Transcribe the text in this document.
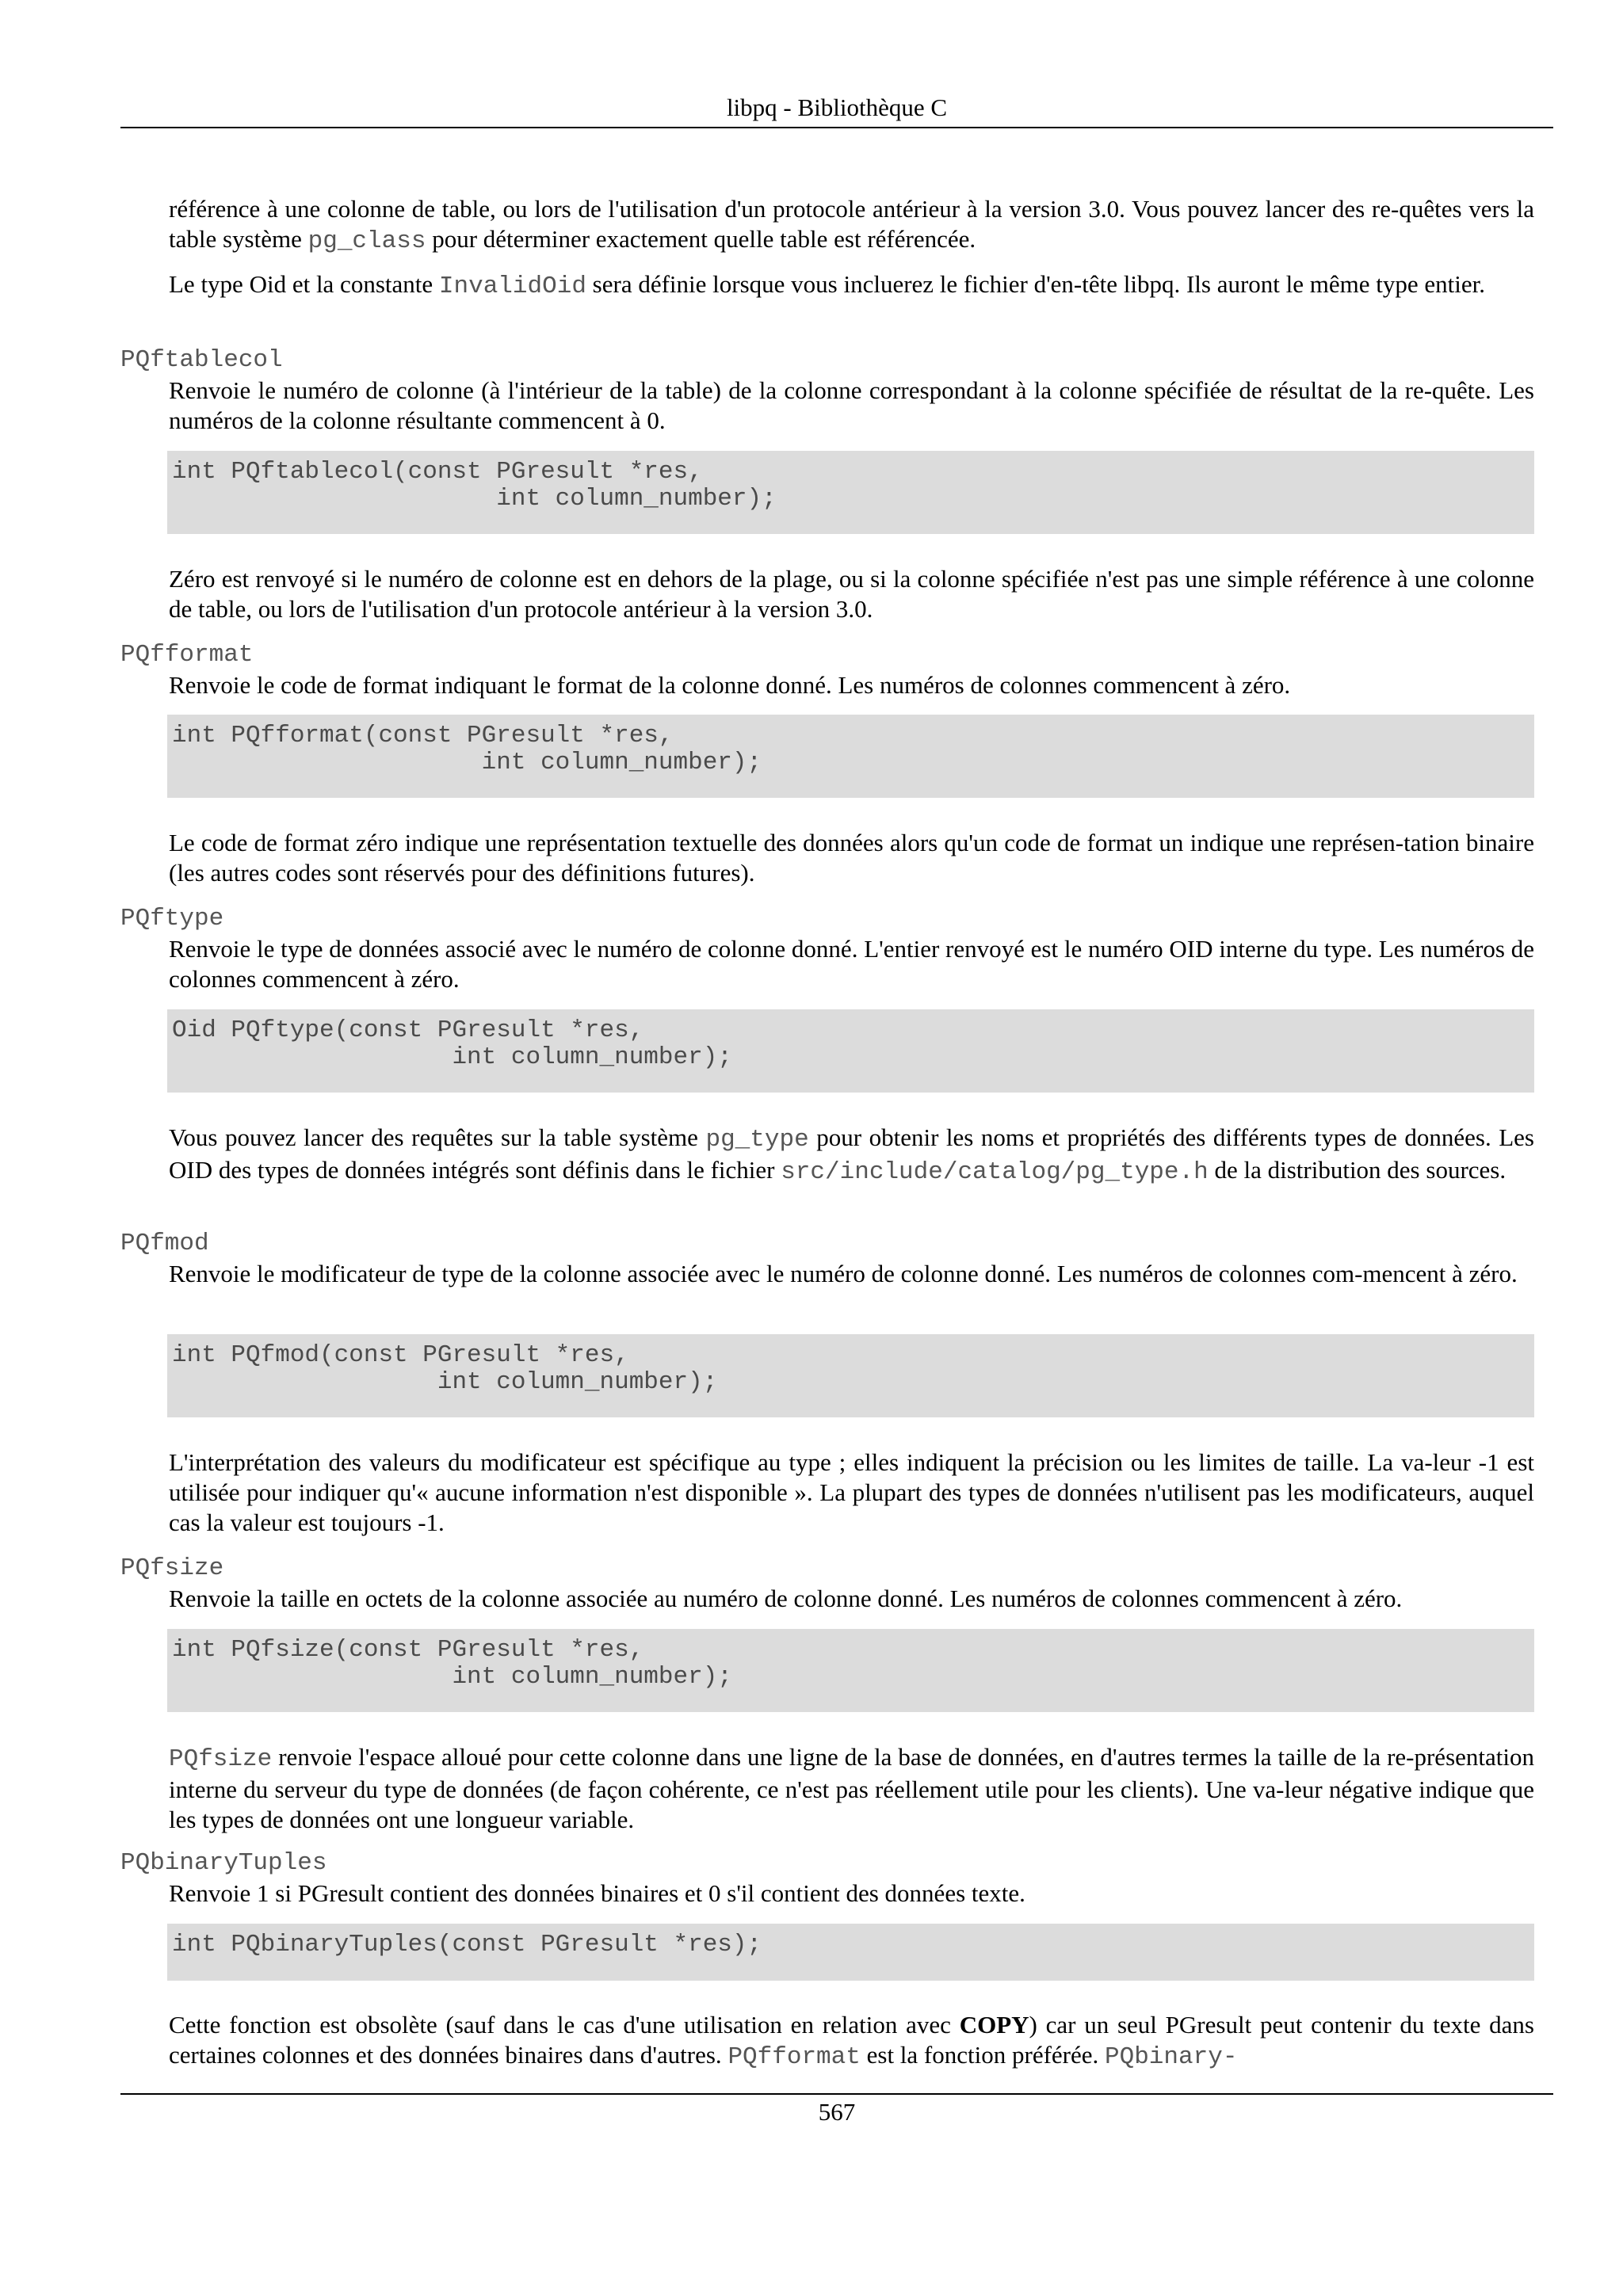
libpq - Bibliothèque C

référence à une colonne de table, ou lors de l'utilisation d'un protocole antérieur à la version 3.0. Vous pouvez lancer des re-quêtes vers la table système pg_class pour déterminer exactement quelle table est référencée.

Le type Oid et la constante InvalidOid sera définie lorsque vous incluerez le fichier d'en-tête libpq. Ils auront le même type entier.

PQftablecol

Renvoie le numéro de colonne (à l'intérieur de la table) de la colonne correspondant à la colonne spécifiée de résultat de la re-quête. Les numéros de la colonne résultante commencent à 0.

int PQftablecol(const PGresult *res,
int column_number);

Zéro est renvoyé si le numéro de colonne est en dehors de la plage, ou si la colonne spécifiée n'est pas une simple référence à une colonne de table, ou lors de l'utilisation d'un protocole antérieur à la version 3.0.

PQfformat

Renvoie le code de format indiquant le format de la colonne donné. Les numéros de colonnes commencent à zéro.

int PQfformat(const PGresult *res,
int column_number);

Le code de format zéro indique une représentation textuelle des données alors qu'un code de format un indique une représen-tation binaire (les autres codes sont réservés pour des définitions futures).

PQftype

Renvoie le type de données associé avec le numéro de colonne donné. L'entier renvoyé est le numéro OID interne du type. Les numéros de colonnes commencent à zéro.

Oid PQftype(const PGresult *res,
int column_number);

Vous pouvez lancer des requêtes sur la table système pg_type pour obtenir les noms et propriétés des différents types de données. Les OID des types de données intégrés sont définis dans le fichier src/include/catalog/pg_type.h de la distribution des sources.

PQfmod

Renvoie le modificateur de type de la colonne associée avec le numéro de colonne donné. Les numéros de colonnes com-mencent à zéro.

int PQfmod(const PGresult *res,
int column_number);

L'interprétation des valeurs du modificateur est spécifique au type ; elles indiquent la précision ou les limites de taille. La va-leur -1 est utilisée pour indiquer qu'« aucune information n'est disponible ». La plupart des types de données n'utilisent pas les modificateurs, auquel cas la valeur est toujours -1.

PQfsize

Renvoie la taille en octets de la colonne associée au numéro de colonne donné. Les numéros de colonnes commencent à zéro.

int PQfsize(const PGresult *res,
int column_number);

PQfsize renvoie l'espace alloué pour cette colonne dans une ligne de la base de données, en d'autres termes la taille de la re-présentation interne du serveur du type de données (de façon cohérente, ce n'est pas réellement utile pour les clients). Une va-leur négative indique que les types de données ont une longueur variable.

PQbinaryTuples

Renvoie 1 si PGresult contient des données binaires et 0 s'il contient des données texte.

int PQbinaryTuples(const PGresult *res);

Cette fonction est obsolète (sauf dans le cas d'une utilisation en relation avec COPY) car un seul PGresult peut contenir du texte dans certaines colonnes et des données binaires dans d'autres. PQfformat est la fonction préférée. PQbinary-

567
